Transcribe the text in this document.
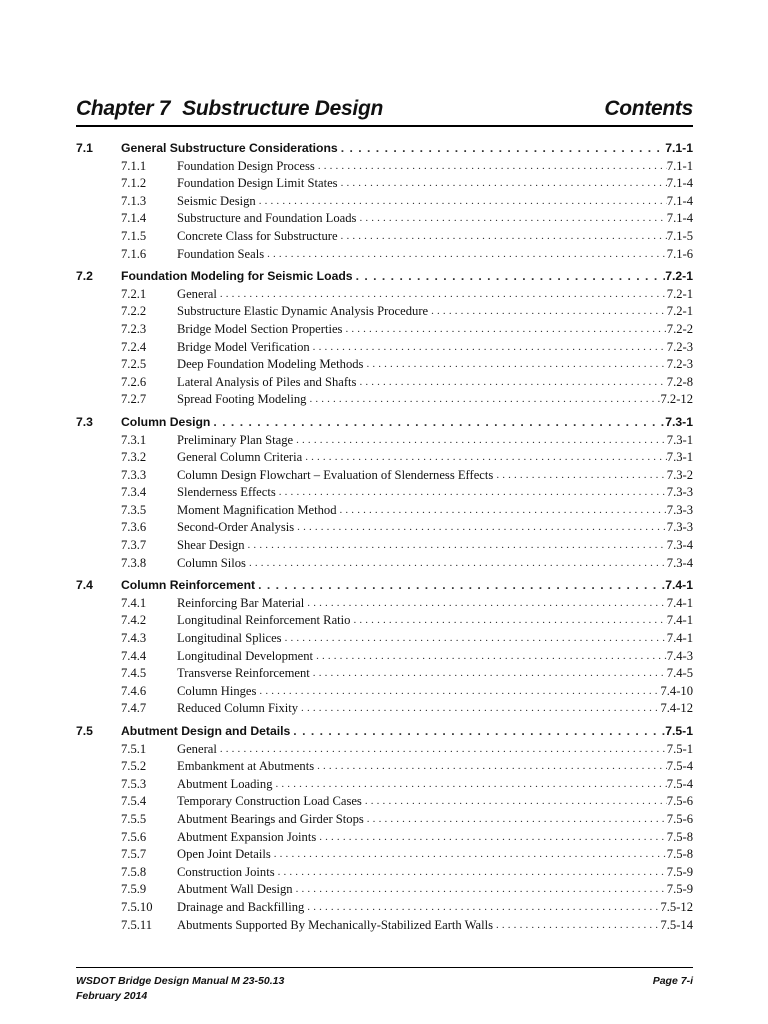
Chapter 7 Substructure Design	Contents
7.1 General Substructure Considerations . . .	7.1-1
7.1.1 Foundation Design Process . . .	7.1-1
7.1.2 Foundation Design Limit States . . .	7.1-4
7.1.3 Seismic Design . . .	7.1-4
7.1.4 Substructure and Foundation Loads . . .	7.1-4
7.1.5 Concrete Class for Substructure . . .	7.1-5
7.1.6 Foundation Seals . . .	7.1-6
7.2 Foundation Modeling for Seismic Loads . . .	7.2-1
7.2.1 General . . .	7.2-1
7.2.2 Substructure Elastic Dynamic Analysis Procedure . . .	7.2-1
7.2.3 Bridge Model Section Properties . . .	7.2-2
7.2.4 Bridge Model Verification . . .	7.2-3
7.2.5 Deep Foundation Modeling Methods . . .	7.2-3
7.2.6 Lateral Analysis of Piles and Shafts . . .	7.2-8
7.2.7 Spread Footing Modeling . . .	7.2-12
7.3 Column Design . . .	7.3-1
7.3.1 Preliminary Plan Stage . . .	7.3-1
7.3.2 General Column Criteria . . .	7.3-1
7.3.3 Column Design Flowchart – Evaluation of Slenderness Effects . . .	7.3-2
7.3.4 Slenderness Effects . . .	7.3-3
7.3.5 Moment Magnification Method . . .	7.3-3
7.3.6 Second-Order Analysis . . .	7.3-3
7.3.7 Shear Design . . .	7.3-4
7.3.8 Column Silos . . .	7.3-4
7.4 Column Reinforcement . . .	7.4-1
7.4.1 Reinforcing Bar Material . . .	7.4-1
7.4.2 Longitudinal Reinforcement Ratio . . .	7.4-1
7.4.3 Longitudinal Splices . . .	7.4-1
7.4.4 Longitudinal Development . . .	7.4-3
7.4.5 Transverse Reinforcement . . .	7.4-5
7.4.6 Column Hinges . . .	7.4-10
7.4.7 Reduced Column Fixity . . .	7.4-12
7.5 Abutment Design and Details . . .	7.5-1
7.5.1 General . . .	7.5-1
7.5.2 Embankment at Abutments . . .	7.5-4
7.5.3 Abutment Loading . . .	7.5-4
7.5.4 Temporary Construction Load Cases . . .	7.5-6
7.5.5 Abutment Bearings and Girder Stops . . .	7.5-6
7.5.6 Abutment Expansion Joints . . .	7.5-8
7.5.7 Open Joint Details . . .	7.5-8
7.5.8 Construction Joints . . .	7.5-9
7.5.9 Abutment Wall Design . . .	7.5-9
7.5.10 Drainage and Backfilling . . .	7.5-12
7.5.11 Abutments Supported By Mechanically-Stabilized Earth Walls . . .	7.5-14
WSDOT Bridge Design Manual M 23-50.13
February 2014
Page 7-i
